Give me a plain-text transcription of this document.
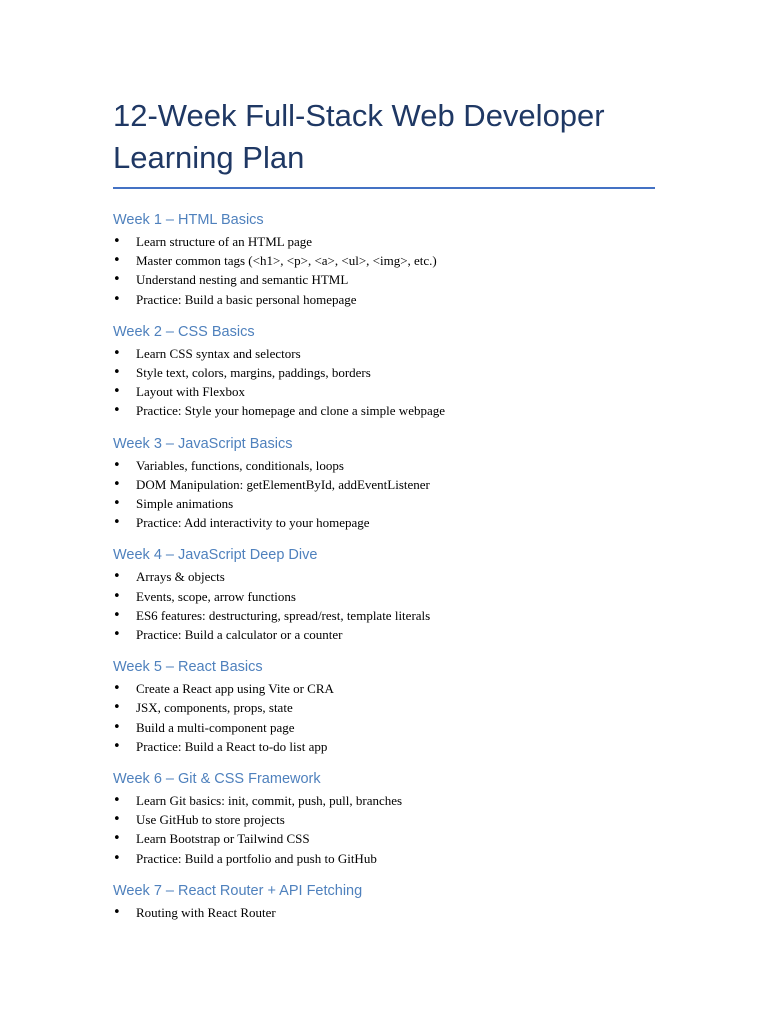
12-Week Full-Stack Web Developer
Learning Plan
Week 1 – HTML Basics
• Learn structure of an HTML page
• Master common tags (<h1>, <p>, <a>, <ul>, <img>, etc.)
• Understand nesting and semantic HTML
• Practice: Build a basic personal homepage
Week 2 – CSS Basics
• Learn CSS syntax and selectors
• Style text, colors, margins, paddings, borders
• Layout with Flexbox
• Practice: Style your homepage and clone a simple webpage
Week 3 – JavaScript Basics
• Variables, functions, conditionals, loops
• DOM Manipulation: getElementById, addEventListener
• Simple animations
• Practice: Add interactivity to your homepage
Week 4 – JavaScript Deep Dive
• Arrays & objects
• Events, scope, arrow functions
• ES6 features: destructuring, spread/rest, template literals
• Practice: Build a calculator or a counter
Week 5 – React Basics
• Create a React app using Vite or CRA
• JSX, components, props, state
• Build a multi-component page
• Practice: Build a React to-do list app
Week 6 – Git & CSS Framework
• Learn Git basics: init, commit, push, pull, branches
• Use GitHub to store projects
• Learn Bootstrap or Tailwind CSS
• Practice: Build a portfolio and push to GitHub
Week 7 – React Router + API Fetching
• Routing with React Router
